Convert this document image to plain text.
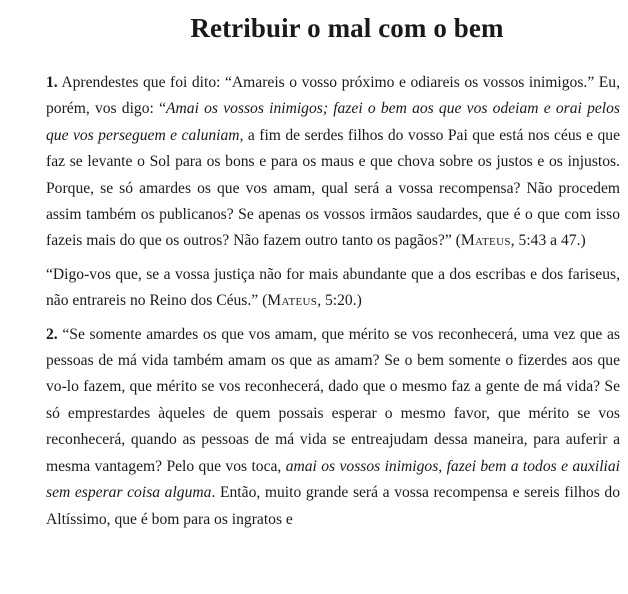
Retribuir o mal com o bem

1. Aprendestes que foi dito: “Amareis o vosso próximo e odiareis os vossos inimigos.” Eu, porém, vos digo: “Amai os vossos inimigos; fazei o bem aos que vos odeiam e orai pelos que vos perseguem e caluniam, a fim de serdes filhos do vosso Pai que está nos céus e que faz se levante o Sol para os bons e para os maus e que chova sobre os justos e os injustos. Porque, se só amardes os que vos amam, qual será a vossa recompensa? Não procedem assim também os publicanos? Se apenas os vossos irmãos saudardes, que é o que com isso fazeis mais do que os outros? Não fazem outro tanto os pagãos?” (Mateus, 5:43 a 47.)

“Digo-vos que, se a vossa justiça não for mais abundante que a dos escribas e dos fariseus, não entrareis no Reino dos Céus.” (Mateus, 5:20.)

2. “Se somente amardes os que vos amam, que mérito se vos reconhecerá, uma vez que as pessoas de má vida também amam os que as amam? Se o bem somente o fizerdes aos que vo-lo fazem, que mérito se vos reconhecerá, dado que o mesmo faz a gente de má vida? Se só emprestardes àqueles de quem possais esperar o mesmo favor, que mérito se vos reconhecerá, quando as pessoas de má vida se entreajudam dessa maneira, para auferir a mesma vantagem? Pelo que vos toca, amai os vossos inimigos, fazei bem a todos e auxiliai sem esperar coisa alguma. Então, muito grande será a vossa recompensa e sereis filhos do Altíssimo, que é bom para os ingratos e
